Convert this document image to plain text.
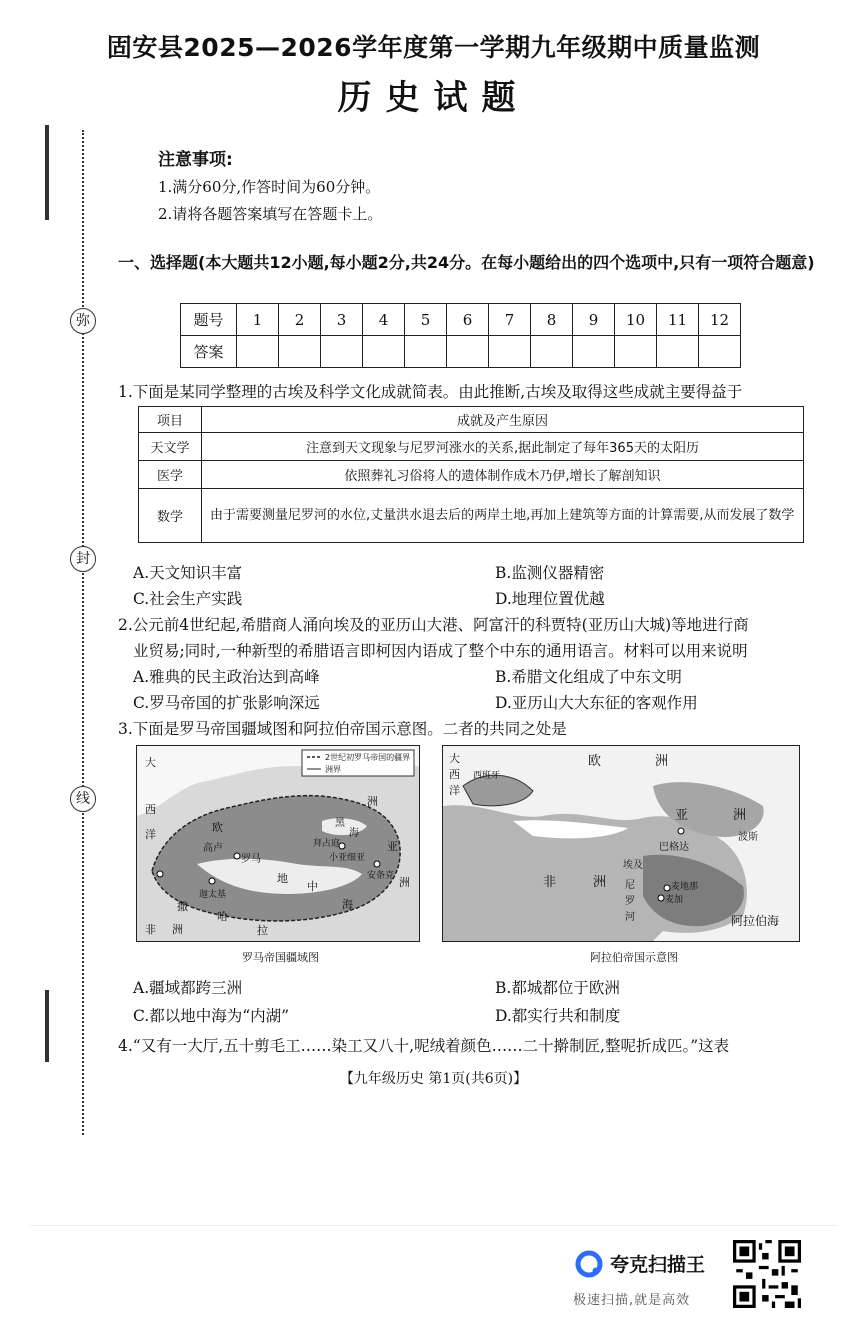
弥
封
线
固安县2025—2026学年度第一学期九年级期中质量监测
历史试题
注意事项:
1.满分60分,作答时间为60分钟。
2.请将各题答案填写在答题卡上。
一、选择题(本大题共12小题,每小题2分,共24分。在每小题给出的四个选项中,只有一项符合题意)
题号	1	2	3	4	5	6	7	8	9	10	11	12
答案												
1.下面是某同学整理的古埃及科学文化成就简表。由此推断,古埃及取得这些成就主要得益于
项目	成就及产生原因
天文学	注意到天文现象与尼罗河涨水的关系,据此制定了每年365天的太阳历
医学	依照葬礼习俗将人的遗体制作成木乃伊,增长了解剖知识
数学	由于需要测量尼罗河的水位,丈量洪水退去后的两岸土地,再加上建筑等方面的计算需要,从而发展了数学
A.天文知识丰富	B.监测仪器精密
C.社会生产实践	D.地理位置优越
2.公元前4世纪起,希腊商人涌向埃及的亚历山大港、阿富汗的科贾特(亚历山大城)等地进行商
业贸易;同时,一种新型的希腊语言即柯因内语成了整个中东的通用语言。材料可以用来说明
A.雅典的民主政治达到高峰	B.希腊文化组成了中东文明
C.罗马帝国的扩张影响深远	D.亚历山大大东征的客观作用
3.下面是罗马帝国疆域图和阿拉伯帝国示意图。二者的共同之处是
2世纪初罗马帝国的疆界
洲界
大
西
洋
欧
洲
高卢
罗马
亚
洲
小亚细亚
非 洲
撒
哈
拉
地
中
海
黑
海
迦太基
安条克
拜占庭
罗马帝国疆域图
大
西
洋
西班牙
欧	洲
亚	洲
巴格达
波斯
非	洲	麦地那
麦加
阿拉伯海
埃及
尼
罗
河
阿拉伯帝国示意图
A.疆域都跨三洲	B.都城都位于欧洲
C.都以地中海为“内湖”	D.都实行共和制度
4.“又有一大厅,五十剪毛工……染工又八十,呢绒着颜色……二十擀制匠,整呢折成匹。”这表
【九年级历史 第1页(共6页)】
夸克扫描王
极速扫描,就是高效
